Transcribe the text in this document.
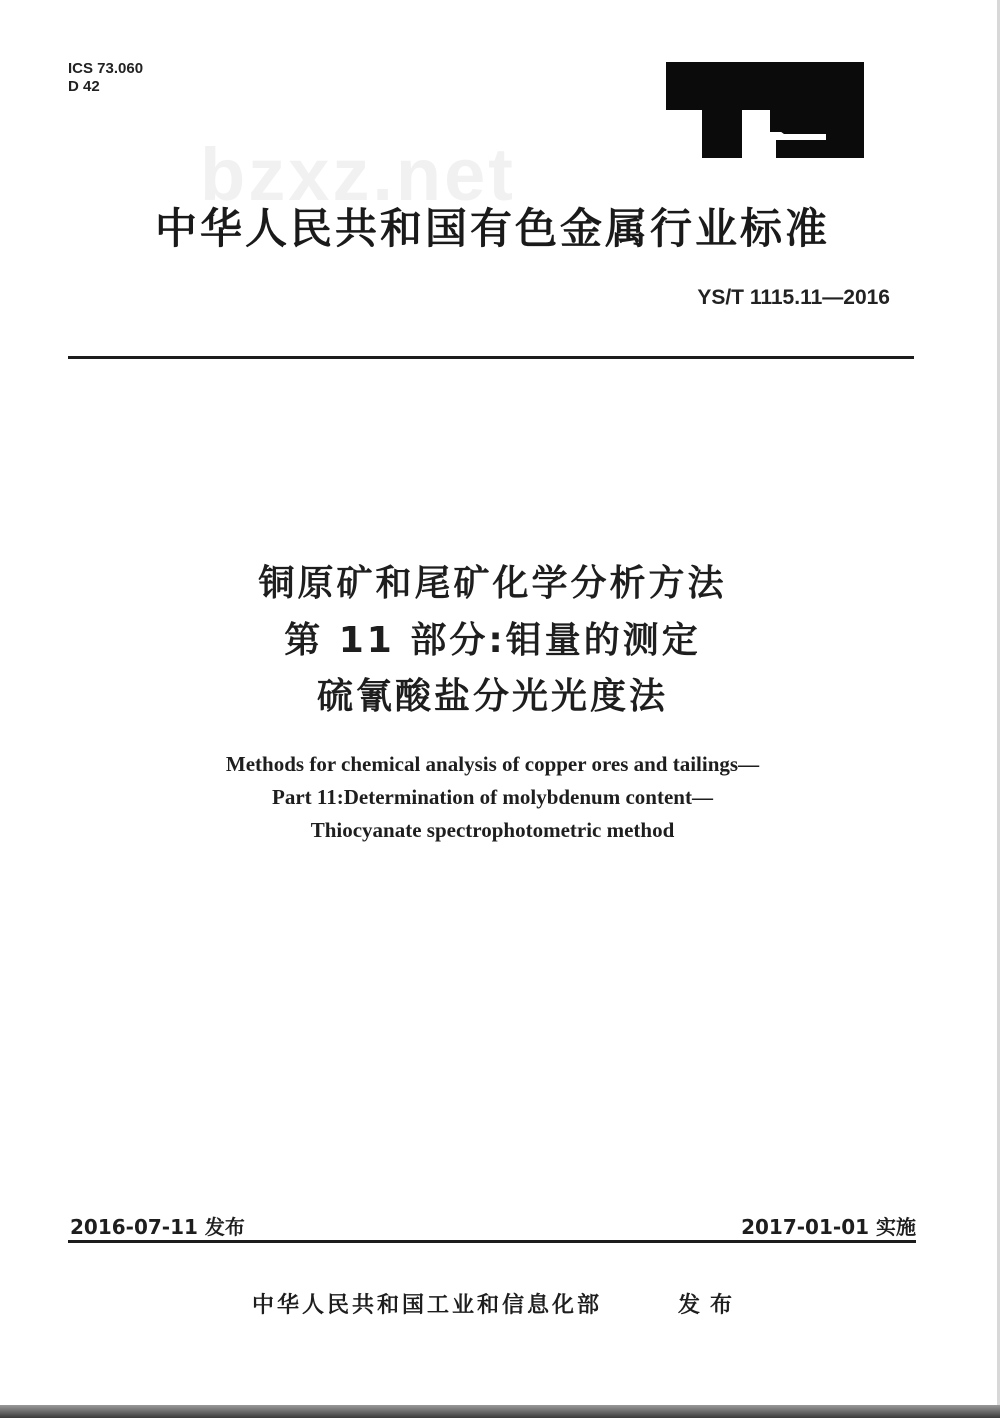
ICS 73.060
D 42
bzxz.net
中华人民共和国有色金属行业标准
YS/T 1115.11—2016
铜原矿和尾矿化学分析方法
第 11 部分:钼量的测定
硫氰酸盐分光光度法
Methods for chemical analysis of copper ores and tailings—
Part 11:Determination of molybdenum content—
Thiocyanate spectrophotometric method
2016-07-11 发布	2017-01-01 实施
中华人民共和国工业和信息化部	发布
